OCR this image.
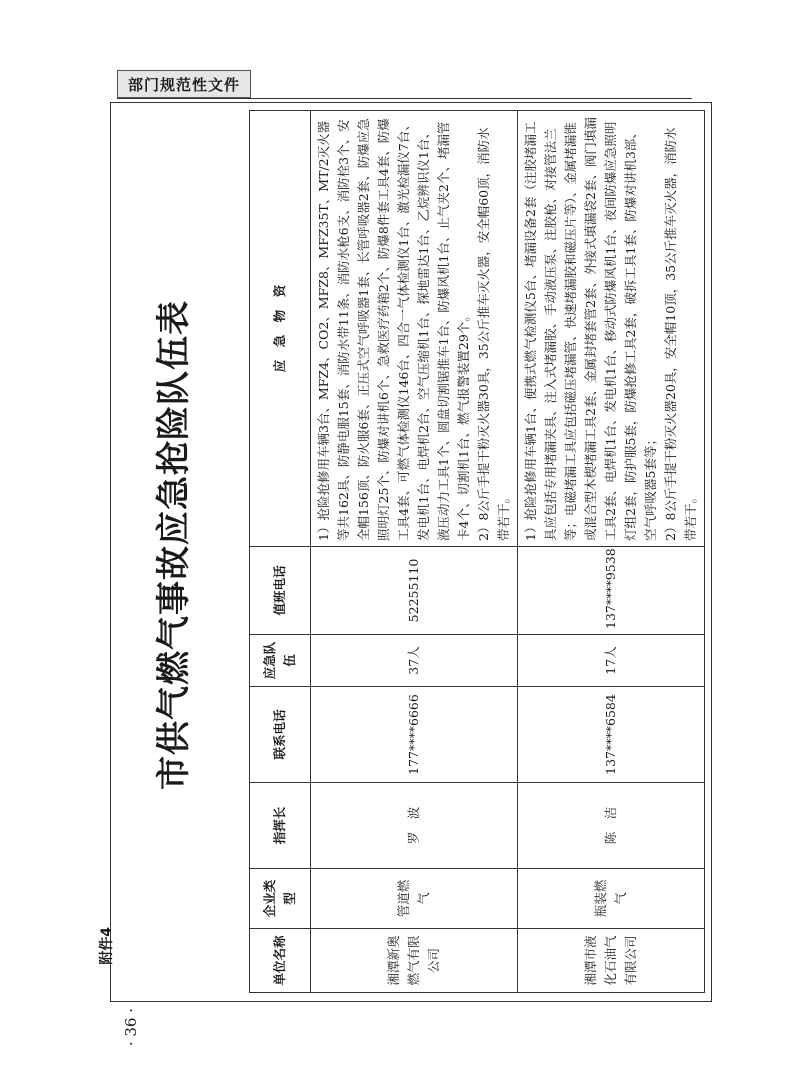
部门规范性文件
市供气燃气事故应急抢险队伍表
附件4
· 36 ·
单位名称	企业类型	指挥长	联系电话	应急队伍	值班电话	应　急　物　资
湘潭新奥燃气有限公司	管道燃气	罗　波	177****6666	37人	52255110	1）抢险抢修用车辆3台、MFZ4、CO2、MFZ8、MFZ35T、MT/2灭火器等共162具、防静电服15套、消防水带11条、消防水枪6支、消防栓3个、安全帽156顶、防火服6套、正压式空气呼吸器1套、长管呼吸器2套、防爆应急照明灯25个、防爆对讲机6个、急救医疗药箱2个、防爆8件套工具4套、防爆工具4套、可燃气体检测仪146台、四合一气体检测仪1台、激光检漏仪7台、发电机1台、电焊机2台、空气压缩机1台、探地雷达1台、乙烷辨识仪1台、液压动力工具1个、圆盘切割锯推车1台、防爆风机1台、止气夹2个、堵漏管卡4个、切割机1台、燃气报警装置29个。 2）8公斤手提干粉灭火器30具，35公斤推车灭火器，安全帽60顶，消防水带若干。

湘潭市液化石油气有限公司	瓶装燃气	陈　洁	137****6584	17人	137****9538	1）抢险抢修用车辆1台、便携式燃气检测仪5台、堵漏设备2套（注胶堵漏工具应包括专用堵漏夹具、注入式堵漏胶、手动液压泵、注胶枪、对接管法兰等；电磁堵漏工具应包括磁压堵漏管、快速堵漏胶和磁压片等）、金属堵漏锥或混合型木楔堵漏工具2套、金属封堵套管2套、外接式填漏袋2套、阀门填漏工具2套、电焊机1台、发电机1台、移动式防爆风机1台、夜间防爆应急照明灯组2套，防护服5套，防爆抢修工具2套，破拆工具1套、防爆对讲机3部、空气呼吸器5套等； 2）8公斤手提干粉灭火器20具，安全帽10顶，35公斤推车灭火器，消防水带若干。
